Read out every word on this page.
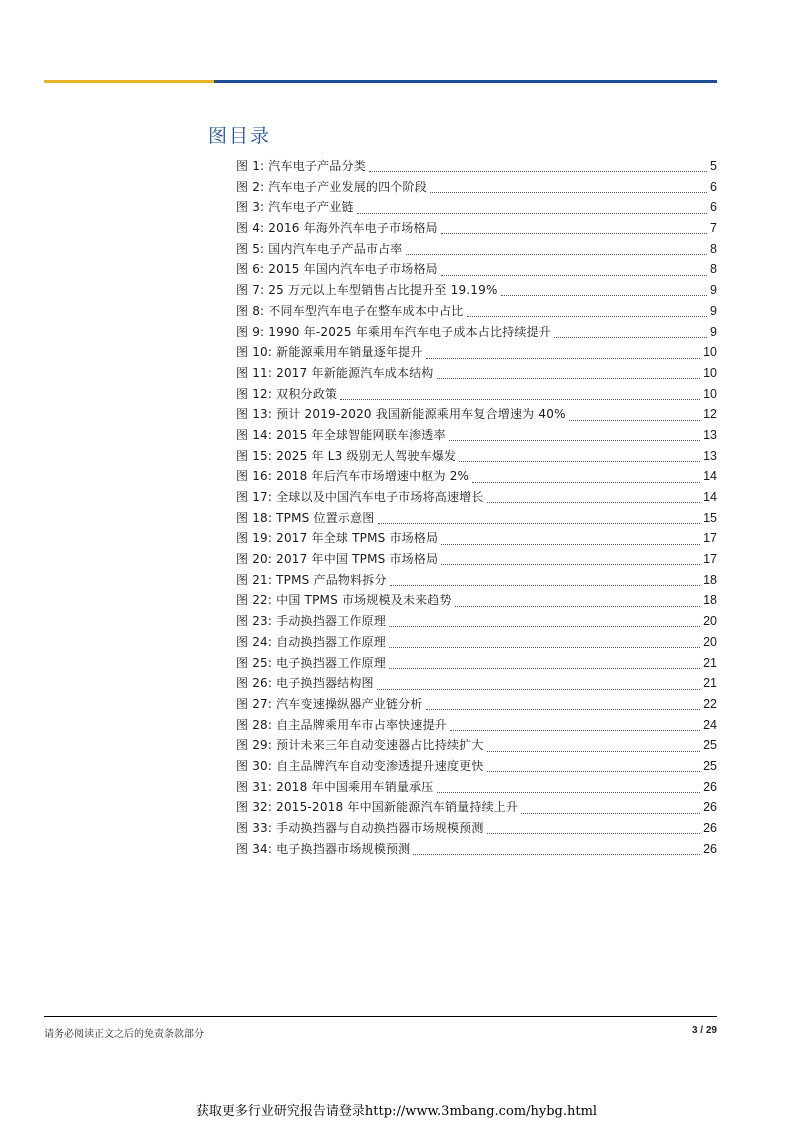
图目录
图 1: 汽车电子产品分类	5
图 2: 汽车电子产业发展的四个阶段	6
图 3: 汽车电子产业链	6
图 4: 2016 年海外汽车电子市场格局	7
图 5: 国内汽车电子产品市占率	8
图 6: 2015 年国内汽车电子市场格局	8
图 7: 25 万元以上车型销售占比提升至 19.19%	9
图 8: 不同车型汽车电子在整车成本中占比	9
图 9: 1990 年-2025 年乘用车汽车电子成本占比持续提升	9
图 10: 新能源乘用车销量逐年提升	10
图 11: 2017 年新能源汽车成本结构	10
图 12: 双积分政策	10
图 13: 预计 2019-2020 我国新能源乘用车复合增速为 40%	12
图 14: 2015 年全球智能网联车渗透率	13
图 15: 2025 年 L3 级别无人驾驶车爆发	13
图 16: 2018 年后汽车市场增速中枢为 2%	14
图 17: 全球以及中国汽车电子市场将高速增长	14
图 18: TPMS 位置示意图	15
图 19: 2017 年全球 TPMS 市场格局	17
图 20: 2017 年中国 TPMS 市场格局	17
图 21: TPMS 产品物料拆分	18
图 22: 中国 TPMS 市场规模及未来趋势	18
图 23: 手动换挡器工作原理	20
图 24: 自动换挡器工作原理	20
图 25: 电子换挡器工作原理	21
图 26: 电子换挡器结构图	21
图 27: 汽车变速操纵器产业链分析	22
图 28: 自主品牌乘用车市占率快速提升	24
图 29: 预计未来三年自动变速器占比持续扩大	25
图 30: 自主品牌汽车自动变渗透提升速度更快	25
图 31: 2018 年中国乘用车销量承压	26
图 32: 2015-2018 年中国新能源汽车销量持续上升	26
图 33: 手动换挡器与自动换挡器市场规模预测	26
图 34: 电子换挡器市场规模预测	26
请务必阅读正文之后的免责条款部分	3 / 29
获取更多行业研究报告请登录http://www.3mbang.com/hybg.html
